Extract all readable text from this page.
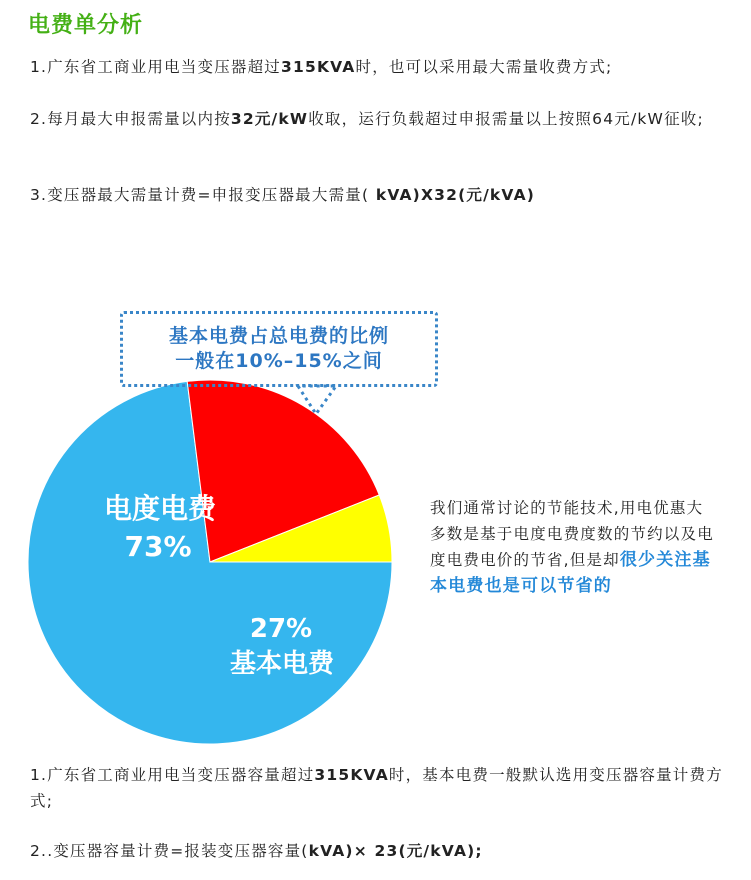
电费单分析
1.广东省工商业用电当变压器超过315KVA时，也可以采用最大需量收费方式;
2.每月最大申报需量以内按32元/kW收取，运行负载超过申报需量以上按照64元/kW征收;
3.变压器最大需量计费=申报变压器最大需量( kVA)X32(元/kVA)
电度电费
73%
27%
基本电费
基本电费占总电费的比例
一般在10%–15%之间
我们通常讨论的节能技术,用电优惠大多数是基于电度电费度数的节约以及电度电费电价的节省,但是却很少关注基本电费也是可以节省的
1.广东省工商业用电当变压器容量超过315KVA时，基本电费一般默认选用变压器容量计费方式;
2..变压器容量计费=报装变压器容量(kVA)× 23(元/kVA);
